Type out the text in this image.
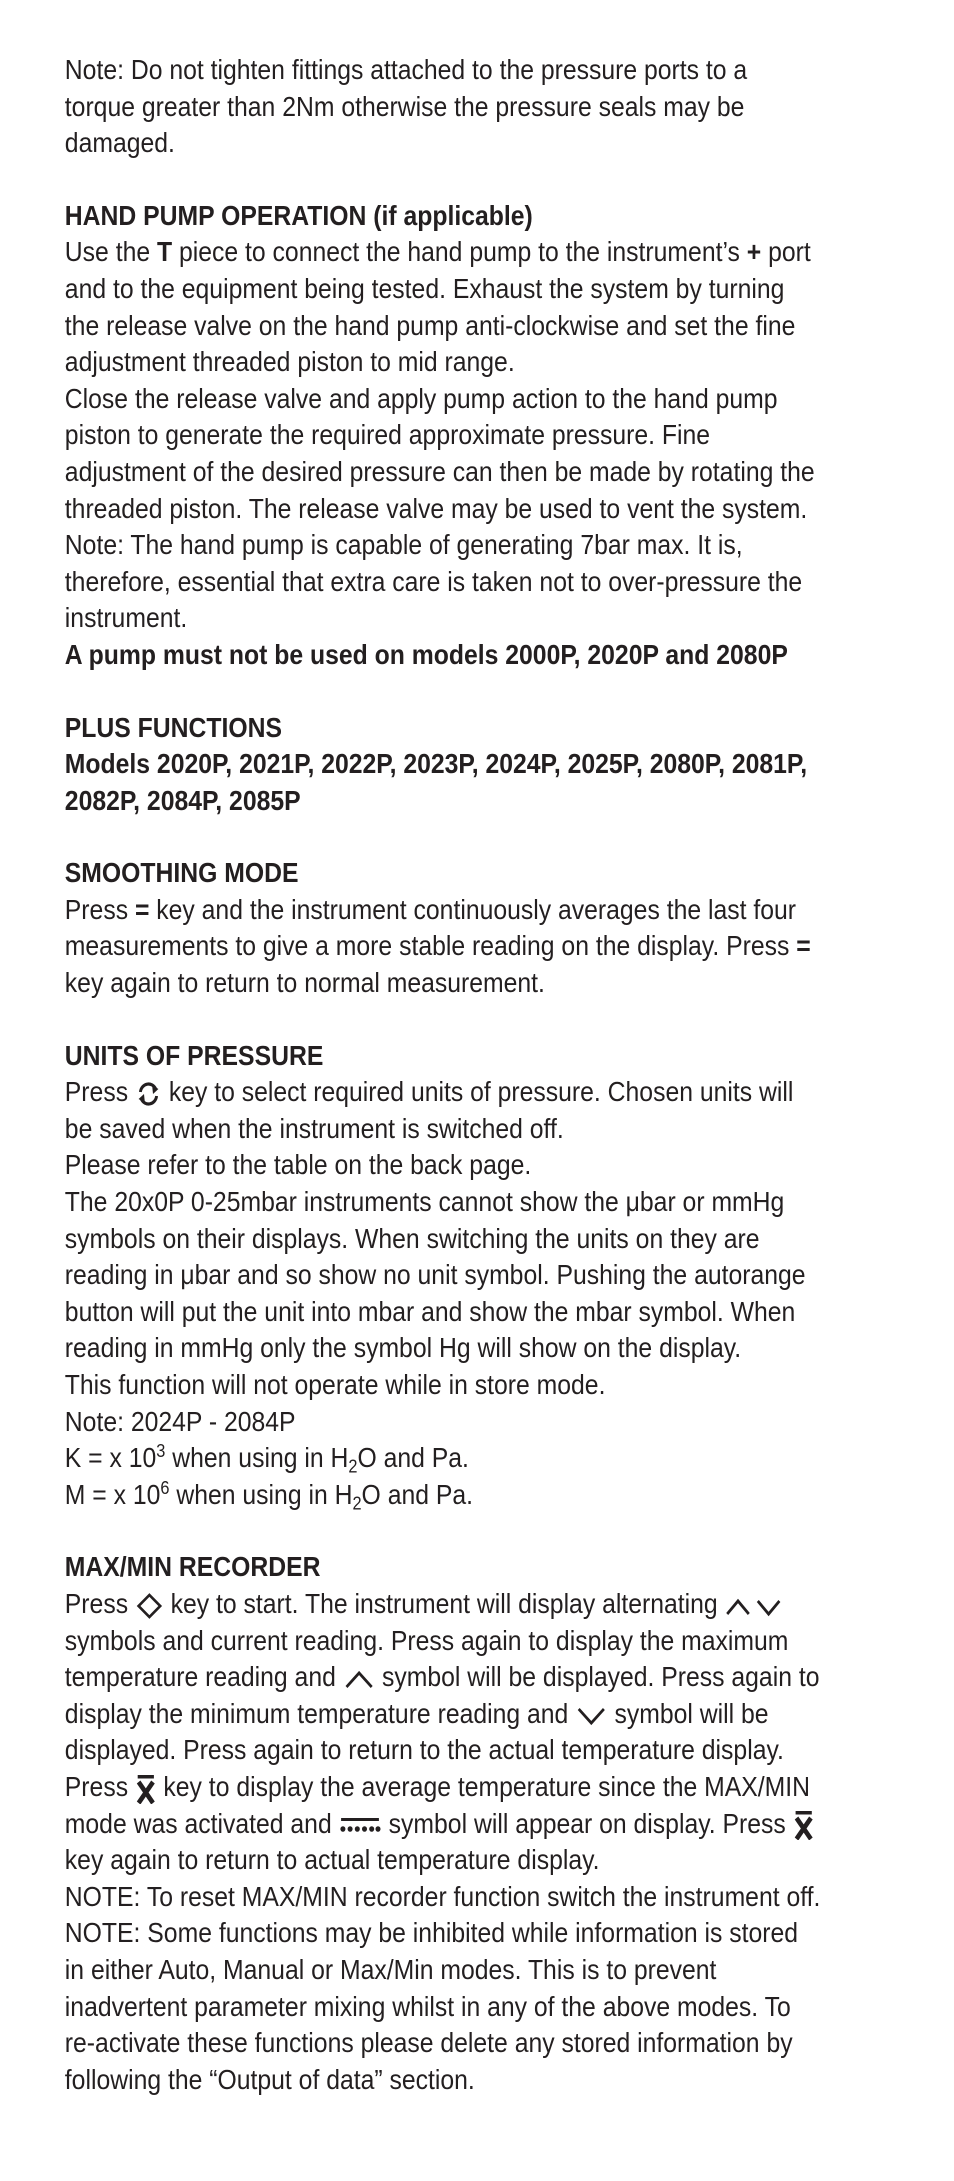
Note: Do not tighten fittings attached to the pressure ports to a torque greater than 2Nm otherwise the pressure seals may be damaged.

HAND PUMP OPERATION (if applicable)

Use the T piece to connect the hand pump to the instrument’s + port and to the equipment being tested. Exhaust the system by turning the release valve on the hand pump anti-clockwise and set the fine adjustment threaded piston to mid range.

Close the release valve and apply pump action to the hand pump piston to generate the required approximate pressure. Fine adjustment of the desired pressure can then be made by rotating the threaded piston. The release valve may be used to vent the system.

Note: The hand pump is capable of generating 7bar max. It is, therefore, essential that extra care is taken not to over-pressure the instrument.

A pump must not be used on models 2000P, 2020P and 2080P

PLUS FUNCTIONS

Models 2020P, 2021P, 2022P, 2023P, 2024P, 2025P, 2080P, 2081P, 2082P, 2084P, 2085P

SMOOTHING MODE

Press = key and the instrument continuously averages the last four measurements to give a more stable reading on the display. Press = key again to return to normal measurement.

UNITS OF PRESSURE

Press
key to select required units of pressure. Chosen units will be saved when the instrument is switched off.

Please refer to the table on the back page.

The 20x0P 0-25mbar instruments cannot show the μbar or mmHg symbols on their displays. When switching the units on they are reading in μbar and so show no unit symbol. Pushing the autorange button will put the unit into mbar and show the mbar symbol. When reading in mmHg only the symbol Hg will show on the display.

This function will not operate while in store mode.

Note: 2024P - 2084P

K = x $10^3$ when using in $H_2O$ and Pa.

M = x $10^6$ when using in $H_2O$ and Pa.

MAX/MIN RECORDER

Press
key to start. The instrument will display alternating
symbols and current reading. Press again to display the maximum temperature reading and
symbol will be displayed. Press again to display the minimum temperature reading and
symbol will be displayed. Press again to return to the actual temperature display.

Press
key to display the average temperature since the MAX/MIN mode was activated and
symbol will appear on display. Press
key again to return to actual temperature display.

NOTE: To reset MAX/MIN recorder function switch the instrument off.

NOTE: Some functions may be inhibited while information is stored in either Auto, Manual or Max/Min modes. This is to prevent inadvertent parameter mixing whilst in any of the above modes. To re-activate these functions please delete any stored information by following the “Output of data” section.
